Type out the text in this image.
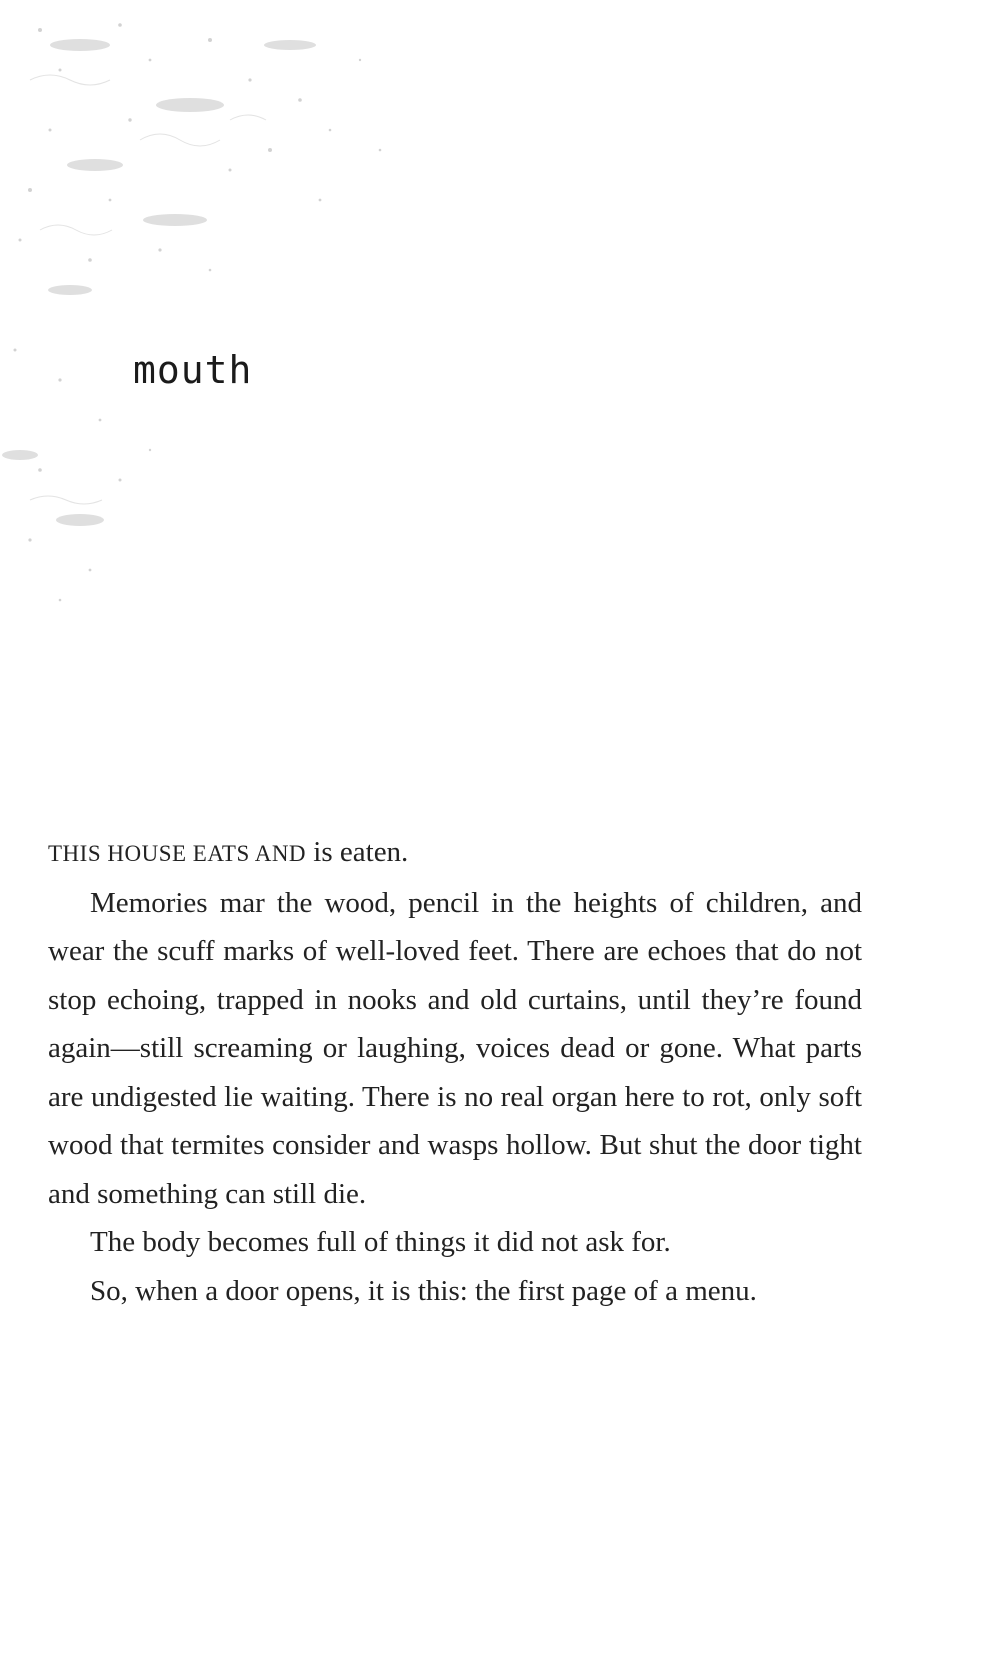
mouth

THIS HOUSE EATS AND is eaten.

Memories mar the wood, pencil in the heights of children, and wear the scuff marks of well-loved feet. There are echoes that do not stop echoing, trapped in nooks and old curtains, until they’re found again—still screaming or laughing, voices dead or gone. What parts are undigested lie waiting. There is no real organ here to rot, only soft wood that termites consider and wasps hollow. But shut the door tight and something can still die.

The body becomes full of things it did not ask for.

So, when a door opens, it is this: the first page of a menu.
